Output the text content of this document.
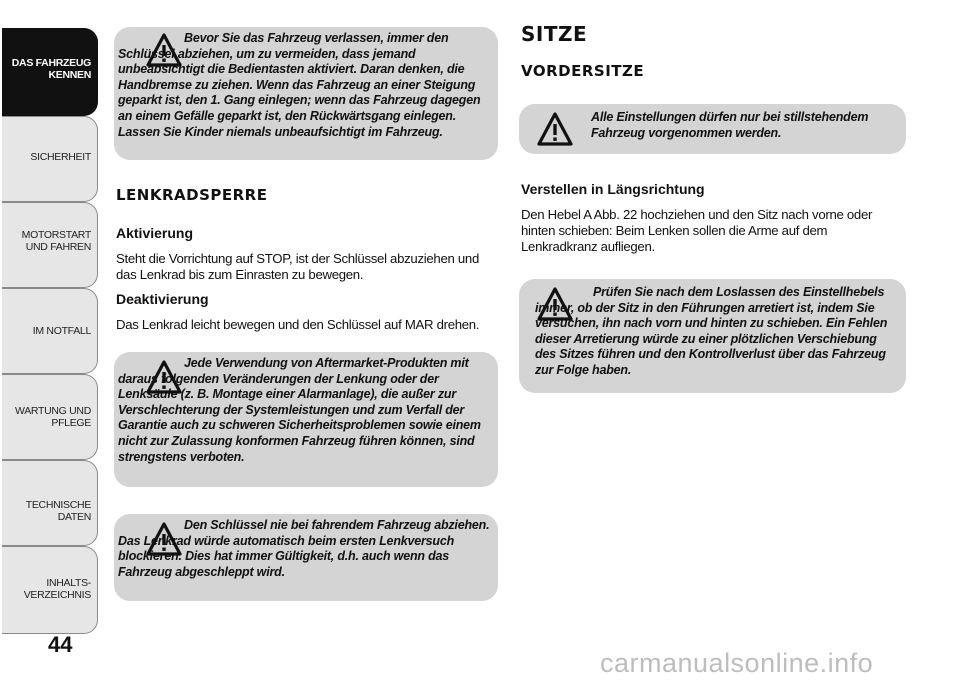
DAS FAHRZEUG KENNEN
SICHERHEIT
MOTORSTART UND FAHREN
IM NOTFALL
WARTUNG UND PFLEGE
TECHNISCHE DATEN
INHALTS- VERZEICHNIS
44

Bevor Sie das Fahrzeug verlassen, immer den Schlüssel abziehen, um zu vermeiden, dass jemand unbeabsichtigt die Bedientasten aktiviert. Daran denken, die Handbremse zu ziehen. Wenn das Fahrzeug an einer Steigung geparkt ist, den 1. Gang einlegen; wenn das Fahrzeug dagegen an einem Gefälle geparkt ist, den Rückwärtsgang einlegen. Lassen Sie Kinder niemals unbeaufsichtigt im Fahrzeug.

LENKRADSPERRE
Aktivierung
Steht die Vorrichtung auf STOP, ist der Schlüssel abzuziehen und das Lenkrad bis zum Einrasten zu bewegen.
Deaktivierung
Das Lenkrad leicht bewegen und den Schlüssel auf MAR drehen.

Jede Verwendung von Aftermarket-Produkten mit daraus folgenden Veränderungen der Lenkung oder der Lenksäule (z. B. Montage einer Alarmanlage), die außer zur Verschlechterung der Systemleistungen und zum Verfall der Garantie auch zu schweren Sicherheitsproblemen sowie einem nicht zur Zulassung konformen Fahrzeug führen können, sind strengstens verboten.

Den Schlüssel nie bei fahrendem Fahrzeug abziehen. Das Lenkrad würde automatisch beim ersten Lenkversuch blockieren. Dies hat immer Gültigkeit, d.h. auch wenn das Fahrzeug abgeschleppt wird.

SITZE
VORDERSITZE

Alle Einstellungen dürfen nur bei stillstehendem Fahrzeug vorgenommen werden.

Verstellen in Längsrichtung
Den Hebel A Abb. 22 hochziehen und den Sitz nach vorne oder hinten schieben: Beim Lenken sollen die Arme auf dem Lenkradkranz aufliegen.

Prüfen Sie nach dem Loslassen des Einstellhebels immer, ob der Sitz in den Führungen arretiert ist, indem Sie versuchen, ihn nach vorn und hinten zu schieben. Ein Fehlen dieser Arretierung würde zu einer plötzlichen Verschiebung des Sitzes führen und den Kontrollverlust über das Fahrzeug zur Folge haben.

carmanualsonline.info
